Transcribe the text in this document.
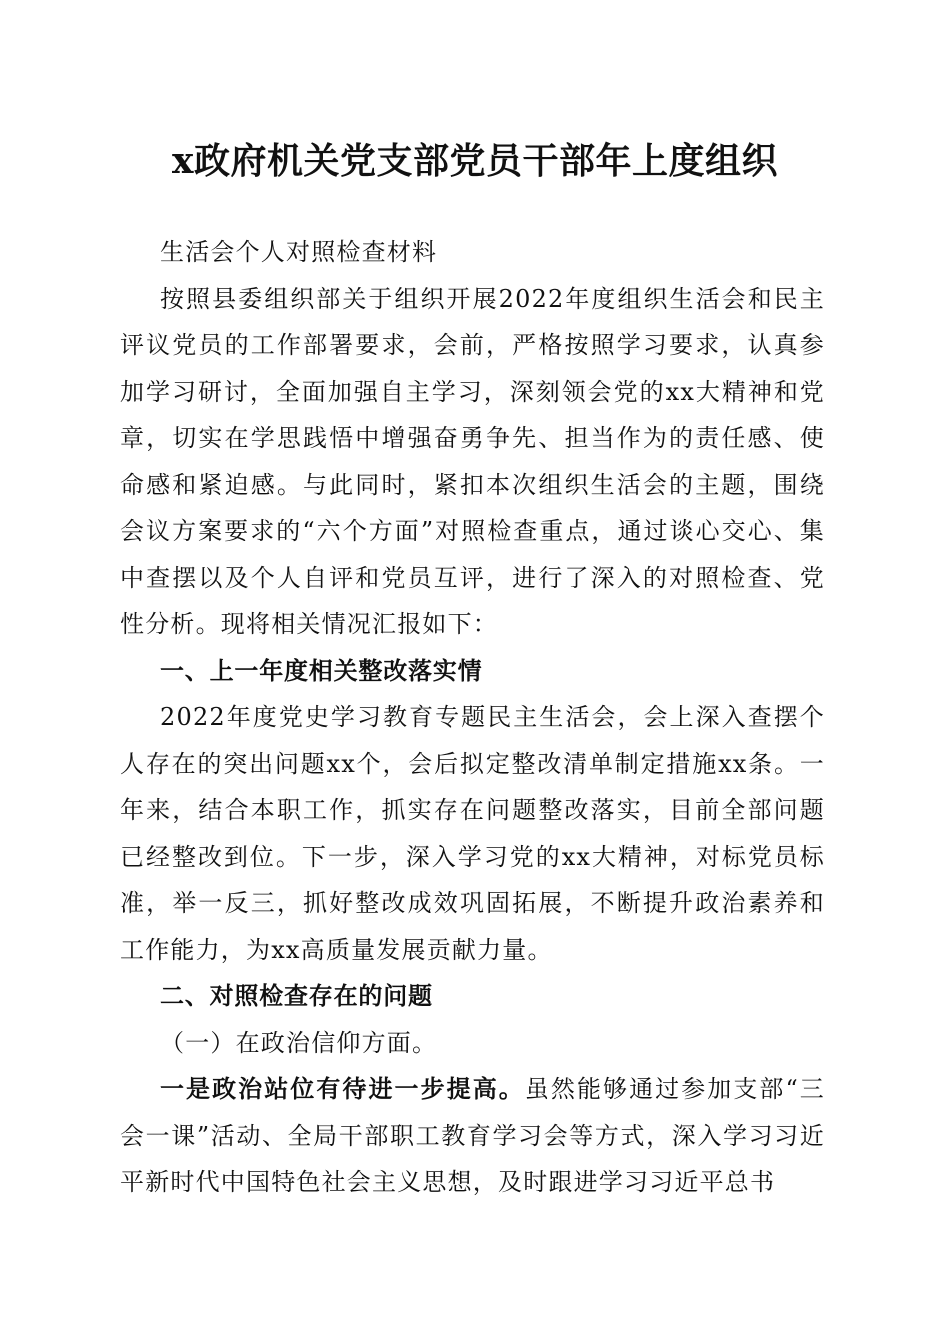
x政府机关党支部党员干部年上度组织

生活会个人对照检查材料

按照县委组织部关于组织开展2022年度组织生活会和民主评议党员的工作部署要求，会前，严格按照学习要求，认真参加学习研讨，全面加强自主学习，深刻领会党的xx大精神和党章，切实在学思践悟中增强奋勇争先、担当作为的责任感、使命感和紧迫感。与此同时，紧扣本次组织生活会的主题，围绕会议方案要求的“六个方面”对照检查重点，通过谈心交心、集中查摆以及个人自评和党员互评，进行了深入的对照检查、党性分析。现将相关情况汇报如下：

一、上一年度相关整改落实情

2022年度党史学习教育专题民主生活会，会上深入查摆个人存在的突出问题xx个，会后拟定整改清单制定措施xx条。一年来，结合本职工作，抓实存在问题整改落实，目前全部问题已经整改到位。下一步，深入学习党的xx大精神，对标党员标准，举一反三，抓好整改成效巩固拓展，不断提升政治素养和工作能力，为xx高质量发展贡献力量。

二、对照检查存在的问题

（一）在政治信仰方面。

一是政治站位有待进一步提高。虽然能够通过参加支部“三会一课”活动、全局干部职工教育学习会等方式，深入学习习近平新时代中国特色社会主义思想，及时跟进学习习近平总书
